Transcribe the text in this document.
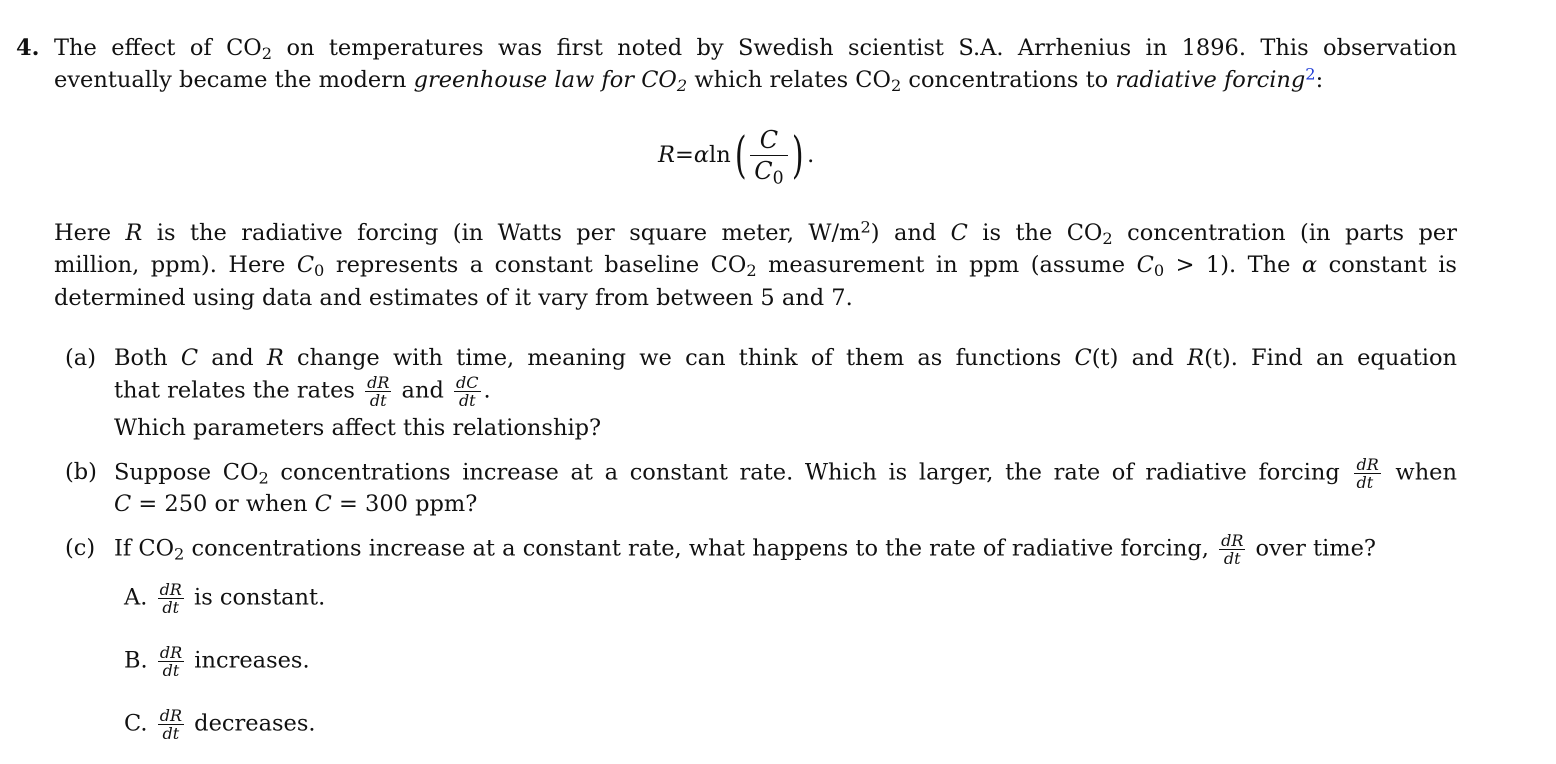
4. The effect of $CO_2$ on temperatures was first noted by Swedish scientist S.A. Arrhenius in 1896. This observation
eventually became the modern greenhouse law for $CO_2$ which relates $CO_2$ concentrations to radiative forcing$^2$:
R = α ln ( C
$C_0$ ) .
Here R is the radiative forcing (in Watts per square meter, $W/m^2$) and C is the $CO_2$ concentration (in parts per
million, ppm). Here $C_0$ represents a constant baseline $CO_2$ measurement in ppm (assume $C_0 > 1$). The α constant is
determined using data and estimates of it vary from between 5 and 7.
(a) Both C and R change with time, meaning we can think of them as functions C(t) and R(t). Find an equation
that relates the rates $\frac{dR}{dt}$ and $\frac{dC}{dt}$ .
Which parameters affect this relationship?
(b) Suppose $CO_2$ concentrations increase at a constant rate. Which is larger, the rate of radiative forcing $\frac{dR}{dt}$ when
C = 250 or when C = 300 ppm?
(c) If $CO_2$ concentrations increase at a constant rate, what happens to the rate of radiative forcing, $\frac{dR}{dt}$ over time?
A. $\frac{dR}{dt}$ is constant.
B. $\frac{dR}{dt}$ increases.
C. $\frac{dR}{dt}$ decreases.
